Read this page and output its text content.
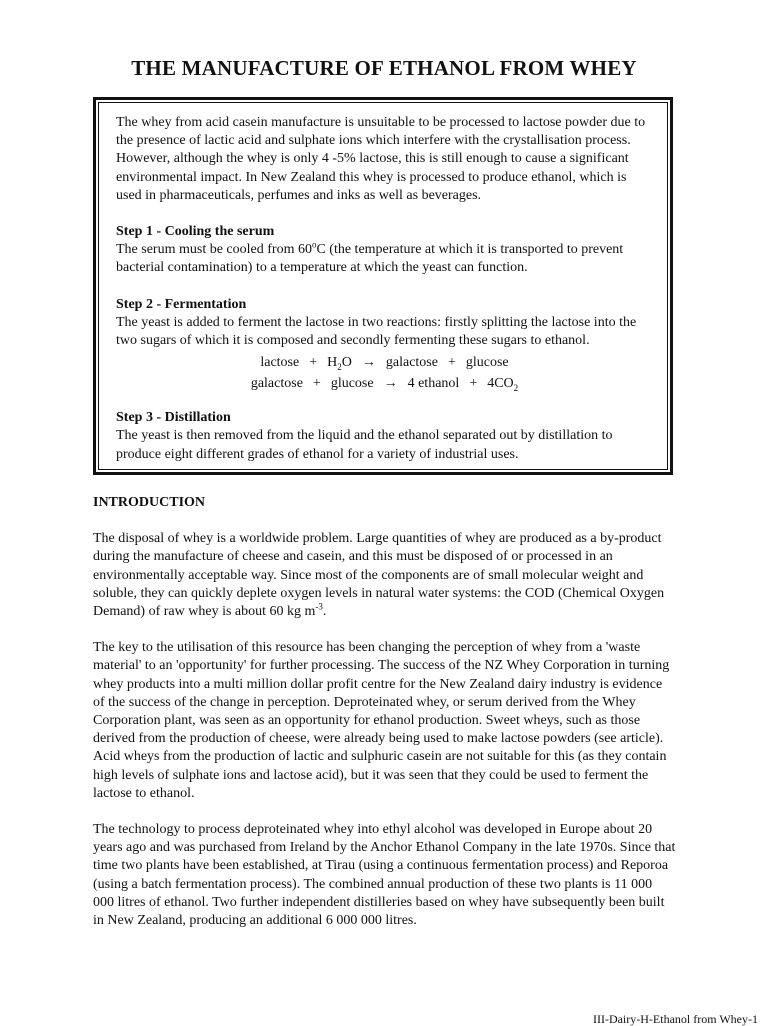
THE MANUFACTURE OF ETHANOL FROM WHEY

The whey from acid casein manufacture is unsuitable to be processed to lactose powder due to the presence of lactic acid and sulphate ions which interfere with the crystallisation process. However, although the whey is only 4 -5% lactose, this is still enough to cause a significant environmental impact. In New Zealand this whey is processed to produce ethanol, which is used in pharmaceuticals, perfumes and inks as well as beverages.

Step 1 - Cooling the serum

The serum must be cooled from 60$^o$C (the temperature at which it is transported to prevent bacterial contamination) to a temperature at which the yeast can function.

Step 2 - Fermentation

The yeast is added to ferment the lactose in two reactions: firstly splitting the lactose into the two sugars of which it is composed and secondly fermenting these sugars to ethanol.

lactose + $H_2O$ → galactose + glucose
galactose + glucose → 4 ethanol + $4CO_2$

Step 3 - Distillation

The yeast is then removed from the liquid and the ethanol separated out by distillation to produce eight different grades of ethanol for a variety of industrial uses.

INTRODUCTION

The disposal of whey is a worldwide problem. Large quantities of whey are produced as a by-product during the manufacture of cheese and casein, and this must be disposed of or processed in an environmentally acceptable way. Since most of the components are of small molecular weight and soluble, they can quickly deplete oxygen levels in natural water systems: the COD (Chemical Oxygen Demand) of raw whey is about 60 kg $m^{-3}$.

The key to the utilisation of this resource has been changing the perception of whey from a 'waste material' to an 'opportunity' for further processing. The success of the NZ Whey Corporation in turning whey products into a multi million dollar profit centre for the New Zealand dairy industry is evidence of the success of the change in perception. Deproteinated whey, or serum derived from the Whey Corporation plant, was seen as an opportunity for ethanol production. Sweet wheys, such as those derived from the production of cheese, were already being used to make lactose powders (see article). Acid wheys from the production of lactic and sulphuric casein are not suitable for this (as they contain high levels of sulphate ions and lactose acid), but it was seen that they could be used to ferment the lactose to ethanol.

The technology to process deproteinated whey into ethyl alcohol was developed in Europe about 20 years ago and was purchased from Ireland by the Anchor Ethanol Company in the late 1970s. Since that time two plants have been established, at Tirau (using a continuous fermentation process) and Reporoa (using a batch fermentation process). The combined annual production of these two plants is 11 000 000 litres of ethanol. Two further independent distilleries based on whey have subsequently been built in New Zealand, producing an additional 6 000 000 litres.

III-Dairy-H-Ethanol from Whey-1
